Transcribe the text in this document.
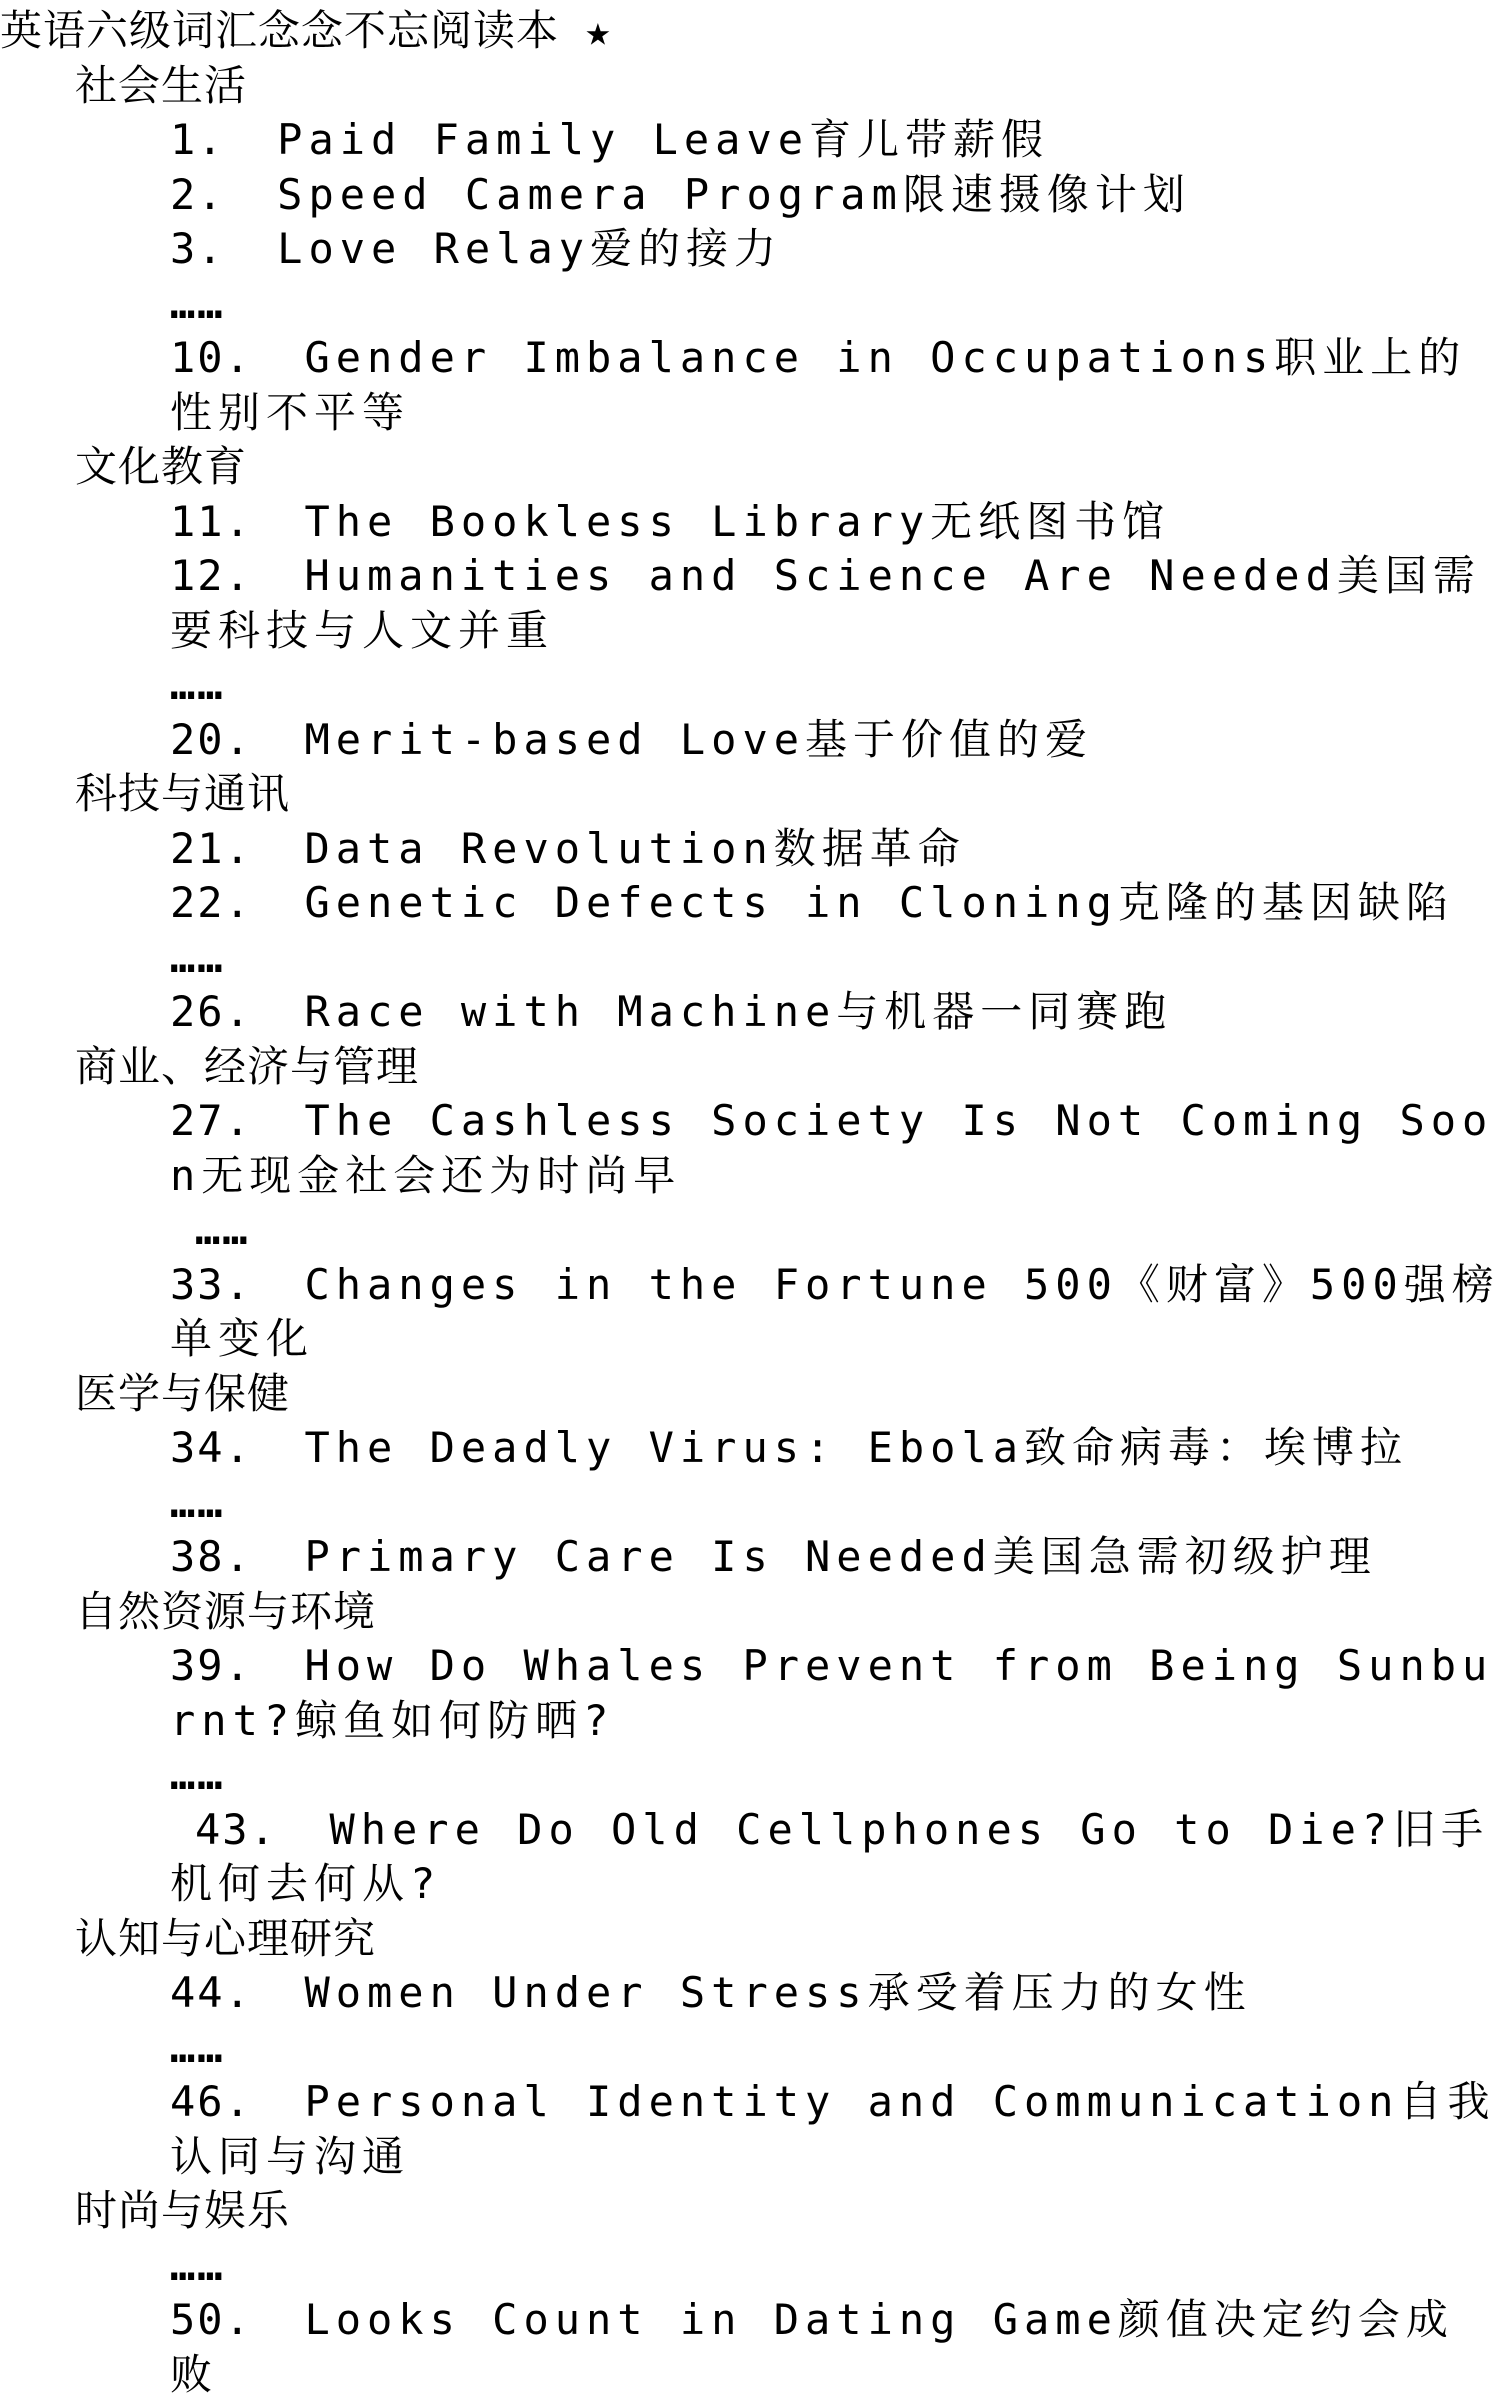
英语六级词汇念念不忘阅读本 ★
社会生活
1. Paid Family Leave育儿带薪假
2. Speed Camera Program限速摄像计划
3. Love Relay爱的接力
……
10. Gender Imbalance in Occupations职业上的性别不平等
文化教育
11. The Bookless Library无纸图书馆
12. Humanities and Science Are Needed美国需要科技与人文并重
……
20. Merit-based Love基于价值的爱
科技与通讯
21. Data Revolution数据革命
22. Genetic Defects in Cloning克隆的基因缺陷
……
26. Race with Machine与机器一同赛跑
商业、经济与管理
27. The Cashless Society Is Not Coming Soon无现金社会还为时尚早
……
33. Changes in the Fortune 500《财富》500强榜单变化
医学与保健
34. The Deadly Virus: Ebola致命病毒：埃博拉
……
38. Primary Care Is Needed美国急需初级护理
自然资源与环境
39. How Do Whales Prevent from Being Sunburnt?鲸鱼如何防晒?
……
43. Where Do Old Cellphones Go to Die?旧手机何去何从?
认知与心理研究
44. Women Under Stress承受着压力的女性
……
46. Personal Identity and Communication自我认同与沟通
时尚与娱乐
……
50. Looks Count in Dating Game颜值决定约会成败
